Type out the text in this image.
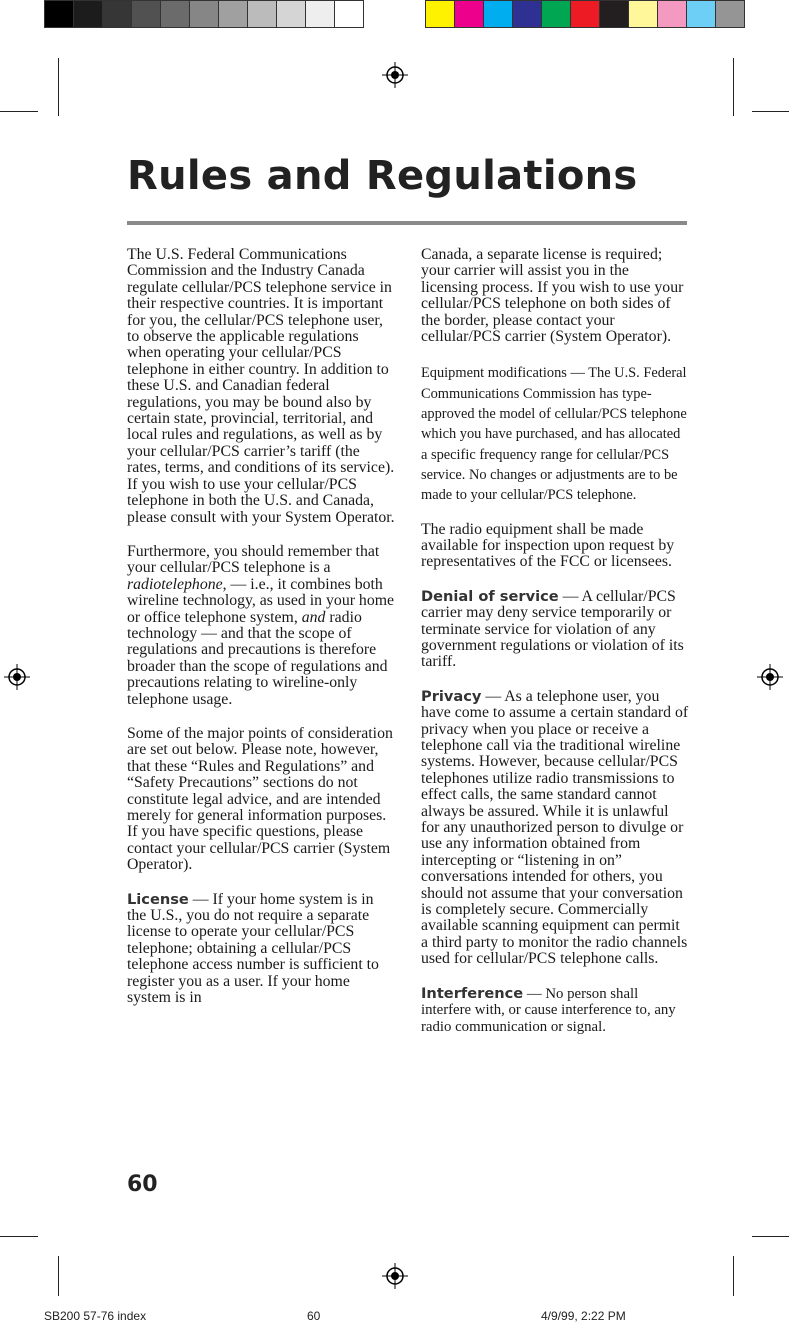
Rules and Regulations

The U.S. Federal Communications Commission and the Industry Canada regulate cellular/PCS telephone service in their respective countries. It is important for you, the cellular/PCS telephone user, to observe the applicable regulations when operating your cellular/PCS telephone in either country. In addition to these U.S. and Canadian federal regulations, you may be bound also by certain state, provincial, territorial, and local rules and regulations, as well as by your cellular/PCS carrier’s tariff (the rates, terms, and conditions of its service). If you wish to use your cellular/PCS telephone in both the U.S. and Canada, please consult with your System Operator.

Furthermore, you should remember that your cellular/PCS telephone is a radiotelephone, — i.e., it combines both wireline technology, as used in your home or office telephone system, and radio technology — and that the scope of regulations and precautions is therefore broader than the scope of regulations and precautions relating to wireline-only telephone usage.

Some of the major points of consideration are set out below. Please note, however, that these “Rules and Regulations” and “Safety Precautions” sections do not constitute legal advice, and are intended merely for general information purposes. If you have specific questions, please contact your cellular/PCS carrier (System Operator).

License — If your home system is in the U.S., you do not require a separate license to operate your cellular/PCS telephone; obtaining a cellular/PCS telephone access number is sufficient to register you as a user. If your home system is in

Canada, a separate license is required; your carrier will assist you in the licensing process. If you wish to use your cellular/PCS telephone on both sides of the border, please contact your cellular/PCS carrier (System Operator).

Equipment modifications — The U.S. Federal Communications Commission has type-approved the model of cellular/PCS telephone which you have purchased, and has allocated a specific frequency range for cellular/PCS service. No changes or adjustments are to be made to your cellular/PCS telephone.

The radio equipment shall be made available for inspection upon request by representatives of the FCC or licensees.

Denial of service — A cellular/PCS carrier may deny service temporarily or terminate service for violation of any government regulations or violation of its tariff.

Privacy — As a telephone user, you have come to assume a certain standard of privacy when you place or receive a telephone call via the traditional wireline systems. However, because cellular/PCS telephones utilize radio transmissions to effect calls, the same standard cannot always be assured. While it is unlawful for any unauthorized person to divulge or use any information obtained from intercepting or “listening in on” conversations intended for others, you should not assume that your conversation is completely secure. Commercially available scanning equipment can permit a third party to monitor the radio channels used for cellular/PCS telephone calls.

Interference — No person shall interfere with, or cause interference to, any radio communication or signal.

60
SB200 57-76 index	60	4/9/99, 2:22 PM
